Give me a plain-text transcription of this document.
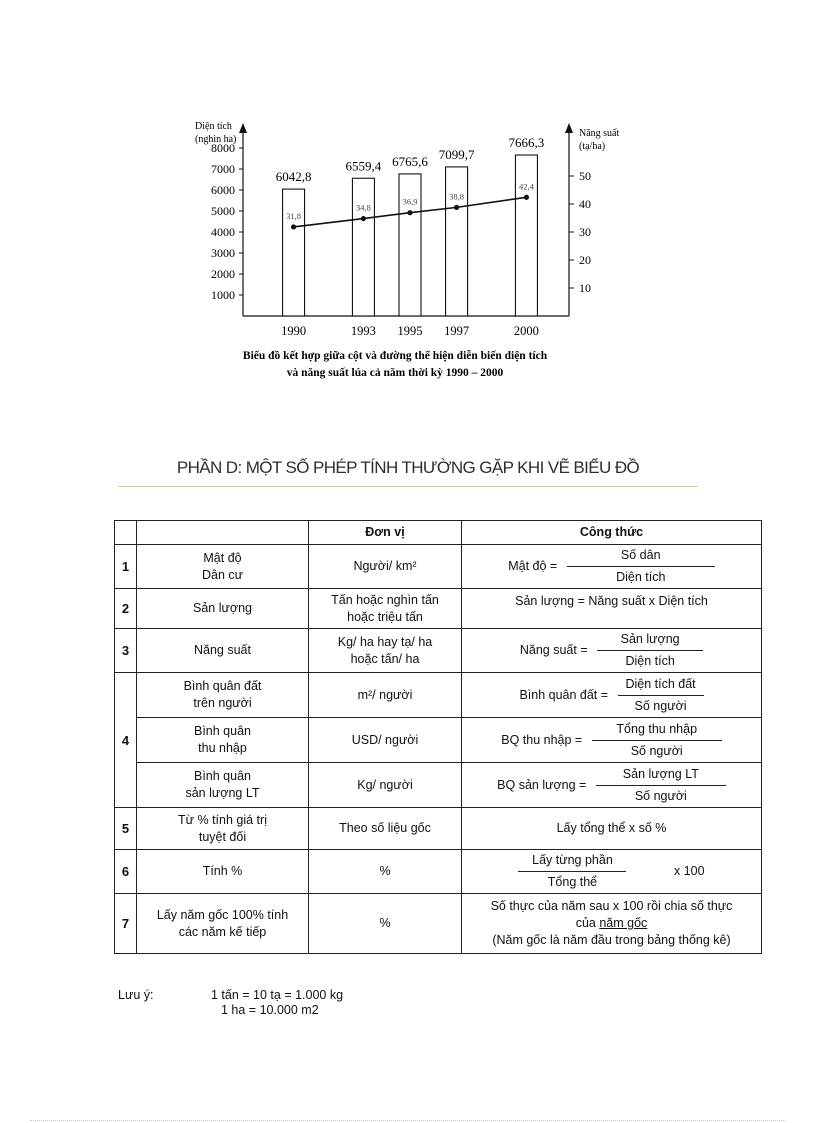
Diện tích
(nghìn ha)
Năng suất
(tạ/ha)
Biểu đồ kết hợp giữa cột và đường thể hiện diễn biến diện tích
và năng suất lúa cả năm thời kỳ 1990 – 2000
1000
2000
3000
4000
5000
6000
7000
8000
10
20
30
40
50
6042,8
1990
6559,4
1993
6765,6
1995
7099,7
1997
7666,3
2000
31,8
34,8
36,9
38,8
42,4
PHẦN D: MỘT SỐ PHÉP TÍNH THƯỜNG GẶP KHI VẼ BIỂU ĐỒ
		Đơn vị	Công thức
1	Mật độ
Dân cư	Người/ km²	Mật độ = $\frac{\text{Số dân}}{\text{Diện tích}}$

2	Sản lượng	Tấn hoặc nghìn tấn
hoặc triệu tấn	Sản lượng = Năng suất x Diện tích
3	Năng suất	Kg/ ha hay tạ/ ha
hoặc tấn/ ha	Năng suất = $\frac{\text{Sản lượng}}{\text{Diện tích}}$

4	Bình quân đất
trên người	m²/ người	Bình quân đất = $\frac{\text{Diện tích đất}}{\text{Số người}}$

	Bình quân
thu nhập	USD/ người	BQ thu nhập = $\frac{\text{Tổng thu nhập}}{\text{Số người}}$

	Bình quân
sản lượng LT	Kg/ người	BQ sản lượng = $\frac{\text{Sản lượng LT}}{\text{Số người}}$

5	Từ % tính giá trị
tuyệt đối	Theo số liệu gốc	Lấy tổng thể x số %
6	Tính %	%	$\frac{\text{Lấy từng phần}}{\text{Tổng thể}}$ x 100
7	Lấy năm gốc 100% tính
các năm kế tiếp	%	Số thực của năm sau x 100 rồi chia số thực
của năm gốc
(Năm gốc là năm đầu trong bảng thống kê)
Lưu ý:	1 tấn = 10 tạ = 1.000 kg
1 ha = 10.000 m2
